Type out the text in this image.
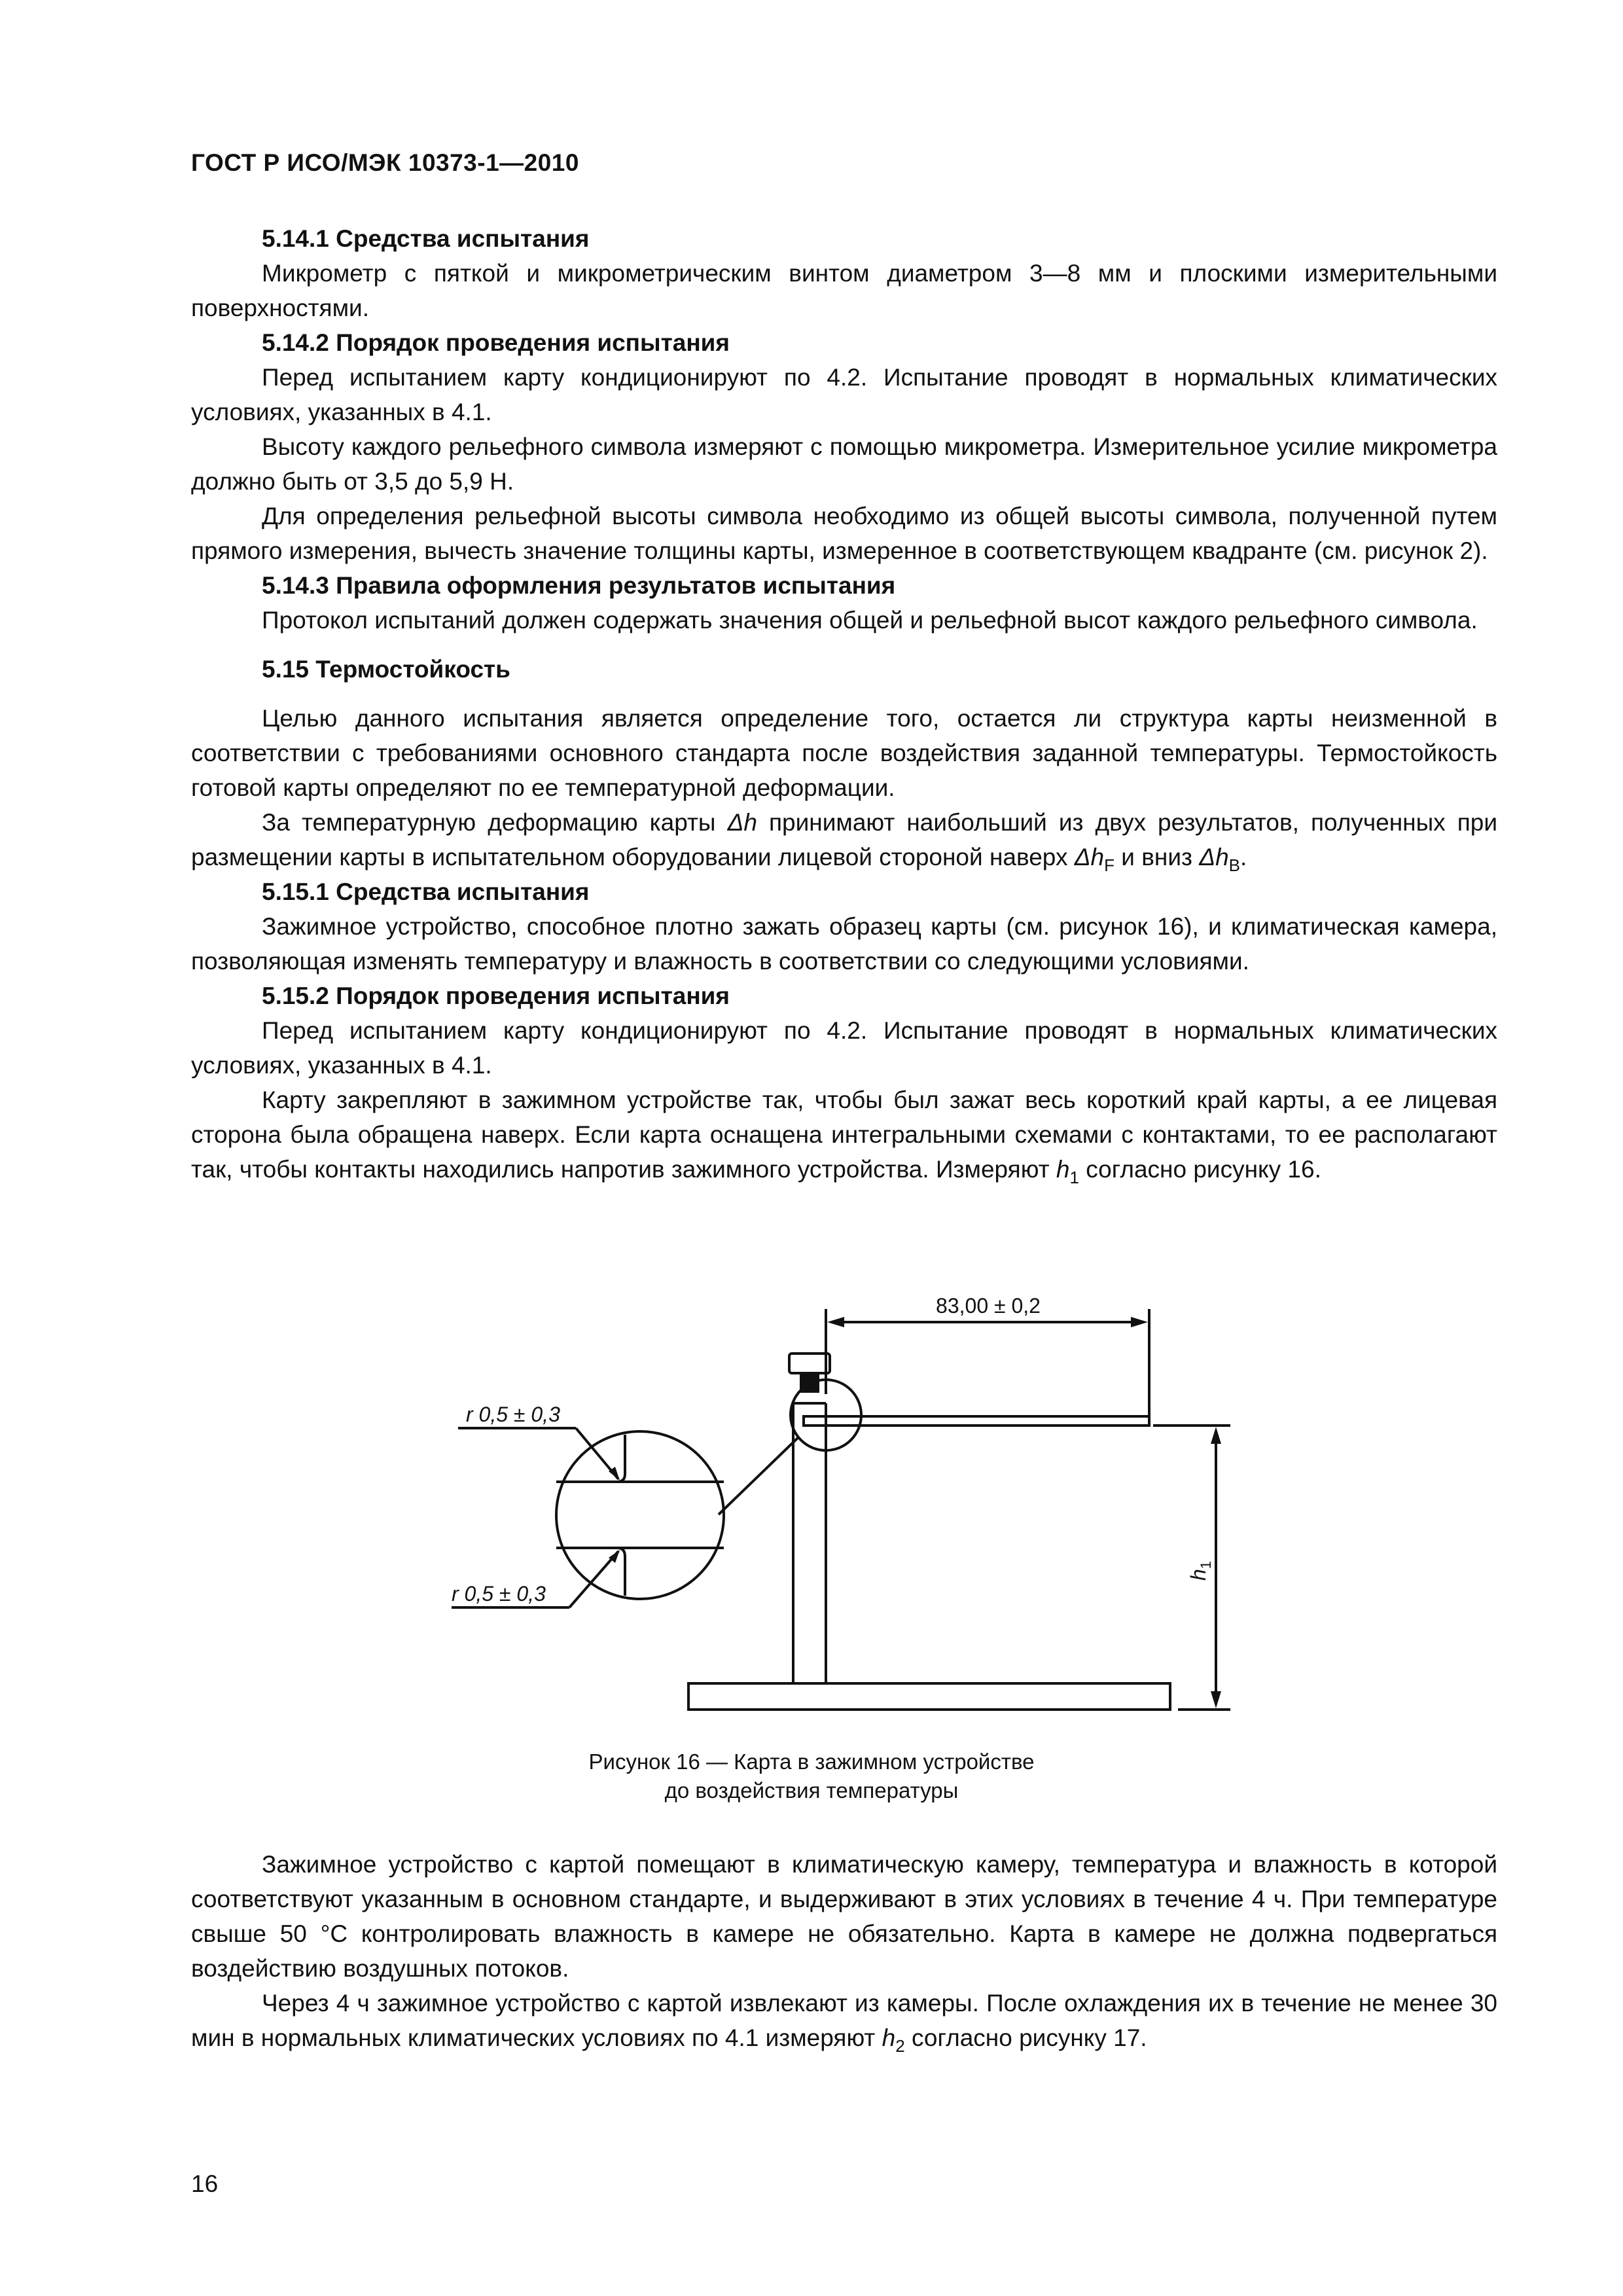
ГОСТ Р ИСО/МЭК 10373-1—2010

5.14.1 Средства испытания

Микрометр с пяткой и микрометрическим винтом диаметром 3—8 мм и плоскими измерительными поверхностями.

5.14.2 Порядок проведения испытания

Перед испытанием карту кондиционируют по 4.2. Испытание проводят в нормальных климатических условиях, указанных в 4.1.

Высоту каждого рельефного символа измеряют с помощью микрометра. Измерительное усилие микрометра должно быть от 3,5 до 5,9 Н.

Для определения рельефной высоты символа необходимо из общей высоты символа, полученной путем прямого измерения, вычесть значение толщины карты, измеренное в соответствующем квадранте (см. рисунок 2).

5.14.3 Правила оформления результатов испытания

Протокол испытаний должен содержать значения общей и рельефной высот каждого рельефного символа.

5.15 Термостойкость

Целью данного испытания является определение того, остается ли структура карты неизменной в соответствии с требованиями основного стандарта после воздействия заданной температуры. Термостойкость готовой карты определяют по ее температурной деформации.

За температурную деформацию карты Δh принимают наибольший из двух результатов, полученных при размещении карты в испытательном оборудовании лицевой стороной наверх $\Delta h_F$ и вниз $\Delta h_B$.

5.15.1 Средства испытания

Зажимное устройство, способное плотно зажать образец карты (см. рисунок 16), и климатическая камера, позволяющая изменять температуру и влажность в соответствии со следующими условиями.

5.15.2 Порядок проведения испытания

Перед испытанием карту кондиционируют по 4.2. Испытание проводят в нормальных климатических условиях, указанных в 4.1.

Карту закрепляют в зажимном устройстве так, чтобы был зажат весь короткий край карты, а ее лицевая сторона была обращена наверх. Если карта оснащена интегральными схемами с контактами, то ее располагают так, чтобы контакты находились напротив зажимного устройства. Измеряют $h_1$ согласно рисунку 16.

83,00 ± 0,2
r 0,5 ± 0,3
r 0,5 ± 0,3
$h_1$
Рисунок 16 — Карта в зажимном устройстве
до воздействия температуры

Зажимное устройство с картой помещают в климатическую камеру, температура и влажность в которой соответствуют указанным в основном стандарте, и выдерживают в этих условиях в течение 4 ч. При температуре свыше 50 °С контролировать влажность в камере не обязательно. Карта в камере не должна подвергаться воздействию воздушных потоков.

Через 4 ч зажимное устройство с картой извлекают из камеры. После охлаждения их в течение не менее 30 мин в нормальных климатических условиях по 4.1 измеряют $h_2$ согласно рисунку 17.

16
